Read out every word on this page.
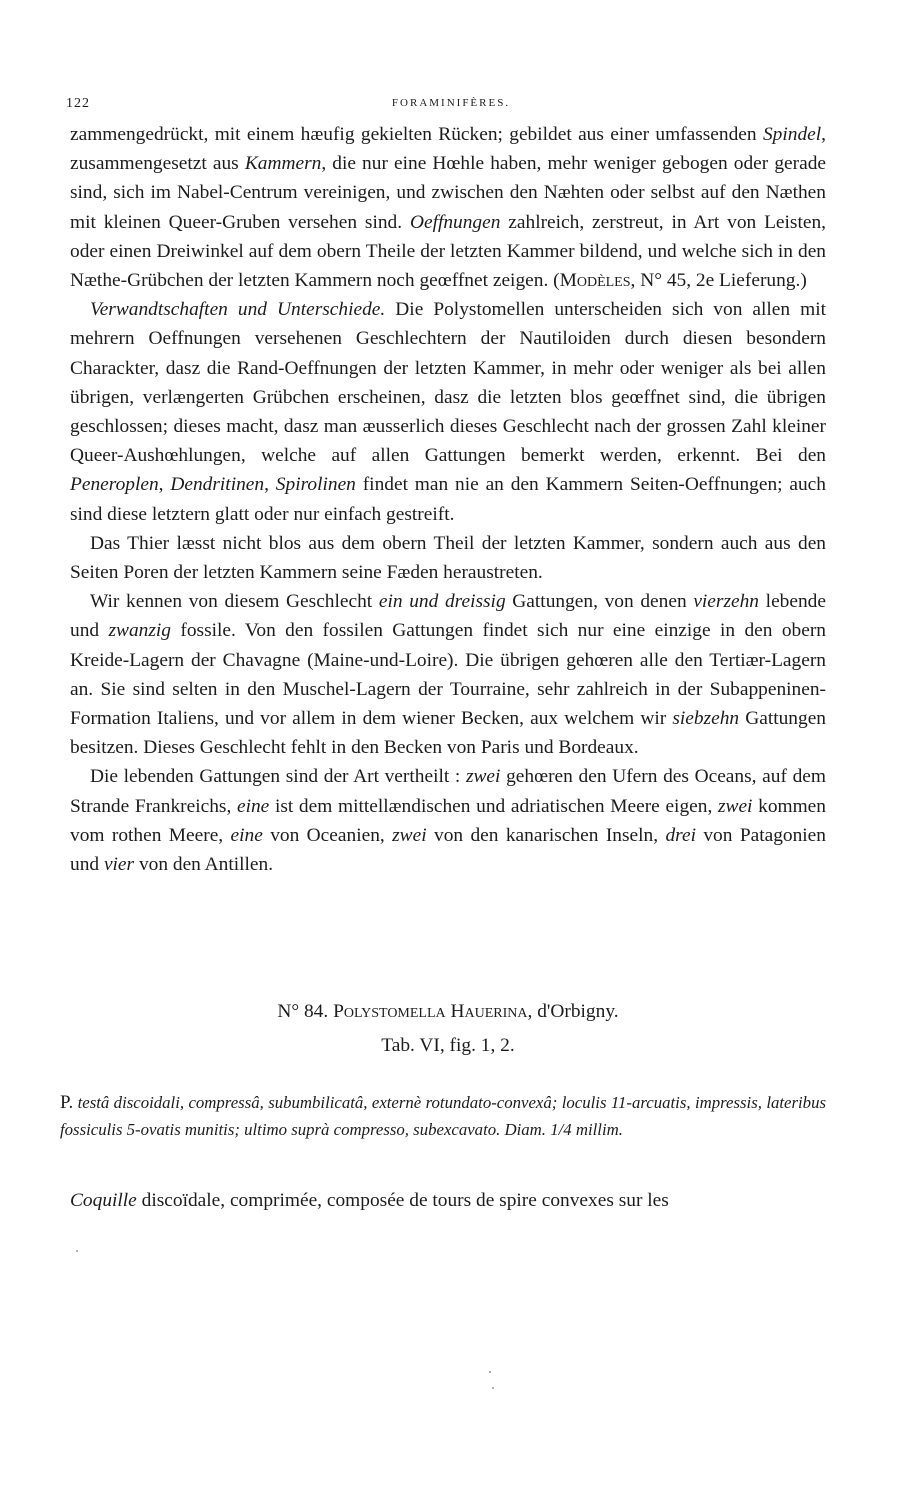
122	FORAMINIFÈRES.

zammengedrückt, mit einem hæufig gekielten Rücken; gebildet aus einer umfassenden Spindel, zusammengesetzt aus Kammern, die nur eine Hœhle haben, mehr weniger gebogen oder gerade sind, sich im Nabel-Centrum vereinigen, und zwischen den Næhten oder selbst auf den Næthen mit kleinen Queer-Gruben versehen sind. Oeffnungen zahlreich, zerstreut, in Art von Leisten, oder einen Dreiwinkel auf dem obern Theile der letzten Kammer bildend, und welche sich in den Næthe-Grübchen der letzten Kammern noch geœffnet zeigen. (Modèles, N° 45, 2e Lieferung.)

Verwandtschaften und Unterschiede. Die Polystomellen unterscheiden sich von allen mit mehrern Oeffnungen versehenen Geschlechtern der Nautiloiden durch diesen besondern Charackter, dasz die Rand-Oeffnungen der letzten Kammer, in mehr oder weniger als bei allen übrigen, verlængerten Grübchen erscheinen, dasz die letzten blos geœffnet sind, die übrigen geschlossen; dieses macht, dasz man æusserlich dieses Geschlecht nach der grossen Zahl kleiner Queer-Aushœhlungen, welche auf allen Gattungen bemerkt werden, erkennt. Bei den Peneroplen, Dendritinen, Spirolinen findet man nie an den Kammern Seiten-Oeffnungen; auch sind diese letztern glatt oder nur einfach gestreift.

Das Thier læsst nicht blos aus dem obern Theil der letzten Kammer, sondern auch aus den Seiten Poren der letzten Kammern seine Fæden heraustreten.

Wir kennen von diesem Geschlecht ein und dreissig Gattungen, von denen vierzehn lebende und zwanzig fossile. Von den fossilen Gattungen findet sich nur eine einzige in den obern Kreide-Lagern der Chavagne (Maine-und-Loire). Die übrigen gehœren alle den Tertiær-Lagern an. Sie sind selten in den Muschel-Lagern der Tourraine, sehr zahlreich in der Subappeninen-Formation Italiens, und vor allem in dem wiener Becken, aux welchem wir siebzehn Gattungen besitzen. Dieses Geschlecht fehlt in den Becken von Paris und Bordeaux.

Die lebenden Gattungen sind der Art vertheilt : zwei gehœren den Ufern des Oceans, auf dem Strande Frankreichs, eine ist dem mittellændischen und adriatischen Meere eigen, zwei kommen vom rothen Meere, eine von Oceanien, zwei von den kanarischen Inseln, drei von Patagonien und vier von den Antillen.

N° 84. Polystomella Hauerina, d'Orbigny.
Tab. VI, fig. 1, 2.
P. testâ discoidali, compressâ, subumbilicatâ, externè rotundato-convexâ; loculis 11-arcuatis, impressis, lateribus fossiculis 5-ovatis munitis; ultimo suprà compresso, subexcavato. Diam. 1/4 millim.
Coquille discoïdale, comprimée, composée de tours de spire convexes sur les
